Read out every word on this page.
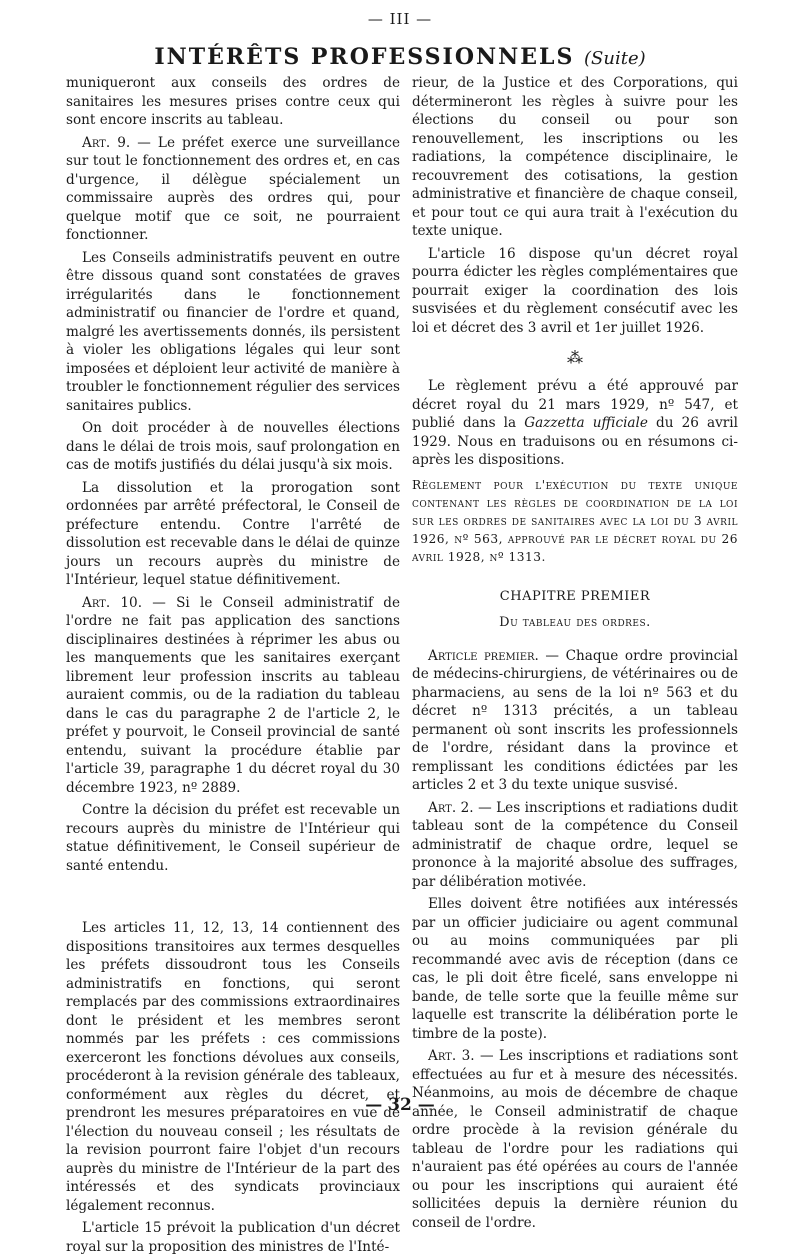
— III —
INTÉRÊTS PROFESSIONNELS (Suite)

muniqueront aux conseils des ordres de sanitaires les mesures prises contre ceux qui sont encore inscrits au tableau.

Art. 9. — Le préfet exerce une surveillance sur tout le fonctionnement des ordres et, en cas d'urgence, il délègue spécialement un commissaire auprès des ordres qui, pour quelque motif que ce soit, ne pourraient fonctionner.

Les Conseils administratifs peuvent en outre être dissous quand sont constatées de graves irrégularités dans le fonctionnement administratif ou financier de l'ordre et quand, malgré les avertissements donnés, ils persistent à violer les obligations légales qui leur sont imposées et déploient leur activité de manière à troubler le fonctionnement régulier des services sanitaires publics.

On doit procéder à de nouvelles élections dans le délai de trois mois, sauf prolongation en cas de motifs justifiés du délai jusqu'à six mois.

La dissolution et la prorogation sont ordonnées par arrêté préfectoral, le Conseil de préfecture entendu. Contre l'arrêté de dissolution est recevable dans le délai de quinze jours un recours auprès du ministre de l'Intérieur, lequel statue définitivement.

Art. 10. — Si le Conseil administratif de l'ordre ne fait pas application des sanctions disciplinaires destinées à réprimer les abus ou les manquements que les sanitaires exerçant librement leur profession inscrits au tableau auraient commis, ou de la radiation du tableau dans le cas du paragraphe 2 de l'article 2, le préfet y pourvoit, le Conseil provincial de santé entendu, suivant la procédure établie par l'article 39, paragraphe 1 du décret royal du 30 décembre 1923, nº 2889.

Contre la décision du préfet est recevable un recours auprès du ministre de l'Intérieur qui statue définitivement, le Conseil supérieur de santé entendu.

Les articles 11, 12, 13, 14 contiennent des dispositions transitoires aux termes desquelles les préfets dissoudront tous les Conseils administratifs en fonctions, qui seront remplacés par des commissions extraordinaires dont le président et les membres seront nommés par les préfets : ces commissions exerceront les fonctions dévolues aux conseils, procéderont à la revision générale des tableaux, conformément aux règles du décret, et prendront les mesures préparatoires en vue de l'élection du nouveau conseil ; les résultats de la revision pourront faire l'objet d'un recours auprès du ministre de l'Intérieur de la part des intéressés et des syndicats provinciaux légalement reconnus.

L'article 15 prévoit la publication d'un décret royal sur la proposition des ministres de l'Inté-

rieur, de la Justice et des Corporations, qui détermineront les règles à suivre pour les élections du conseil ou pour son renouvellement, les inscriptions ou les radiations, la compétence disciplinaire, le recouvrement des cotisations, la gestion administrative et financière de chaque conseil, et pour tout ce qui aura trait à l'exécution du texte unique.

L'article 16 dispose qu'un décret royal pourra édicter les règles complémentaires que pourrait exiger la coordination des lois susvisées et du règlement consécutif avec les loi et décret des 3 avril et 1er juillet 1926.

⁂

Le règlement prévu a été approuvé par décret royal du 21 mars 1929, nº 547, et publié dans la Gazzetta ufficiale du 26 avril 1929. Nous en traduisons ou en résumons ci-après les dispositions.

Règlement pour l'exécution du texte unique contenant les règles de coordination de la loi sur les ordres de sanitaires avec la loi du 3 avril 1926, nº 563, approuvé par le décret royal du 26 avril 1928, nº 1313.
CHAPITRE PREMIER
Du tableau des ordres.

Article premier. — Chaque ordre provincial de médecins-chirurgiens, de vétérinaires ou de pharmaciens, au sens de la loi nº 563 et du décret nº 1313 précités, a un tableau permanent où sont inscrits les professionnels de l'ordre, résidant dans la province et remplissant les conditions édictées par les articles 2 et 3 du texte unique susvisé.

Art. 2. — Les inscriptions et radiations dudit tableau sont de la compétence du Conseil administratif de chaque ordre, lequel se prononce à la majorité absolue des suffrages, par délibération motivée.

Elles doivent être notifiées aux intéressés par un officier judiciaire ou agent communal ou au moins communiquées par pli recommandé avec avis de réception (dans ce cas, le pli doit être ficelé, sans enveloppe ni bande, de telle sorte que la feuille même sur laquelle est transcrite la délibération porte le timbre de la poste).

Art. 3. — Les inscriptions et radiations sont effectuées au fur et à mesure des nécessités. Néanmoins, au mois de décembre de chaque année, le Conseil administratif de chaque ordre procède à la revision générale du tableau de l'ordre pour les radiations qui n'auraient pas été opérées au cours de l'année ou pour les inscriptions qui auraient été sollicitées depuis la dernière réunion du conseil de l'ordre.

— 32 —
